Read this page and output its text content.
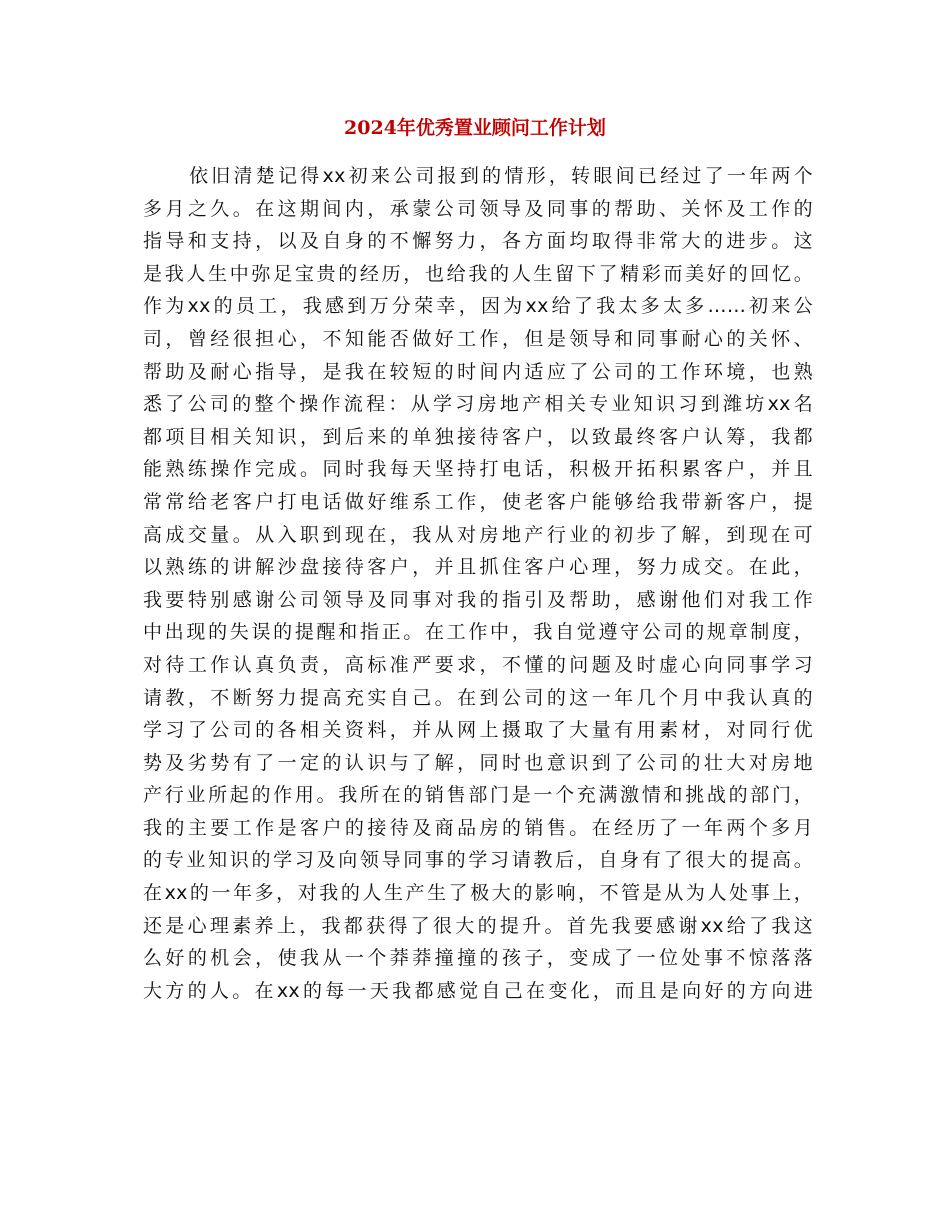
2024年优秀置业顾问工作计划
依旧清楚记得xx初来公司报到的情形，转眼间已经过了一年两个
多月之久。在这期间内，承蒙公司领导及同事的帮助、关怀及工作的
指导和支持，以及自身的不懈努力，各方面均取得非常大的进步。这
是我人生中弥足宝贵的经历，也给我的人生留下了精彩而美好的回忆。
作为xx的员工，我感到万分荣幸，因为xx给了我太多太多……初来公
司，曾经很担心，不知能否做好工作，但是领导和同事耐心的关怀、
帮助及耐心指导，是我在较短的时间内适应了公司的工作环境，也熟
悉了公司的整个操作流程：从学习房地产相关专业知识习到潍坊xx名
都项目相关知识，到后来的单独接待客户，以致最终客户认筹，我都
能熟练操作完成。同时我每天坚持打电话，积极开拓积累客户，并且
常常给老客户打电话做好维系工作，使老客户能够给我带新客户，提
高成交量。从入职到现在，我从对房地产行业的初步了解，到现在可
以熟练的讲解沙盘接待客户，并且抓住客户心理，努力成交。在此，
我要特别感谢公司领导及同事对我的指引及帮助，感谢他们对我工作
中出现的失误的提醒和指正。在工作中，我自觉遵守公司的规章制度，
对待工作认真负责，高标准严要求，不懂的问题及时虚心向同事学习
请教，不断努力提高充实自己。在到公司的这一年几个月中我认真的
学习了公司的各相关资料，并从网上摄取了大量有用素材，对同行优
势及劣势有了一定的认识与了解，同时也意识到了公司的壮大对房地
产行业所起的作用。我所在的销售部门是一个充满激情和挑战的部门，
我的主要工作是客户的接待及商品房的销售。在经历了一年两个多月
的专业知识的学习及向领导同事的学习请教后，自身有了很大的提高。
在xx的一年多，对我的人生产生了极大的影响，不管是从为人处事上，
还是心理素养上，我都获得了很大的提升。首先我要感谢xx给了我这
么好的机会，使我从一个莽莽撞撞的孩子，变成了一位处事不惊落落
大方的人。在xx的每一天我都感觉自己在变化，而且是向好的方向进
